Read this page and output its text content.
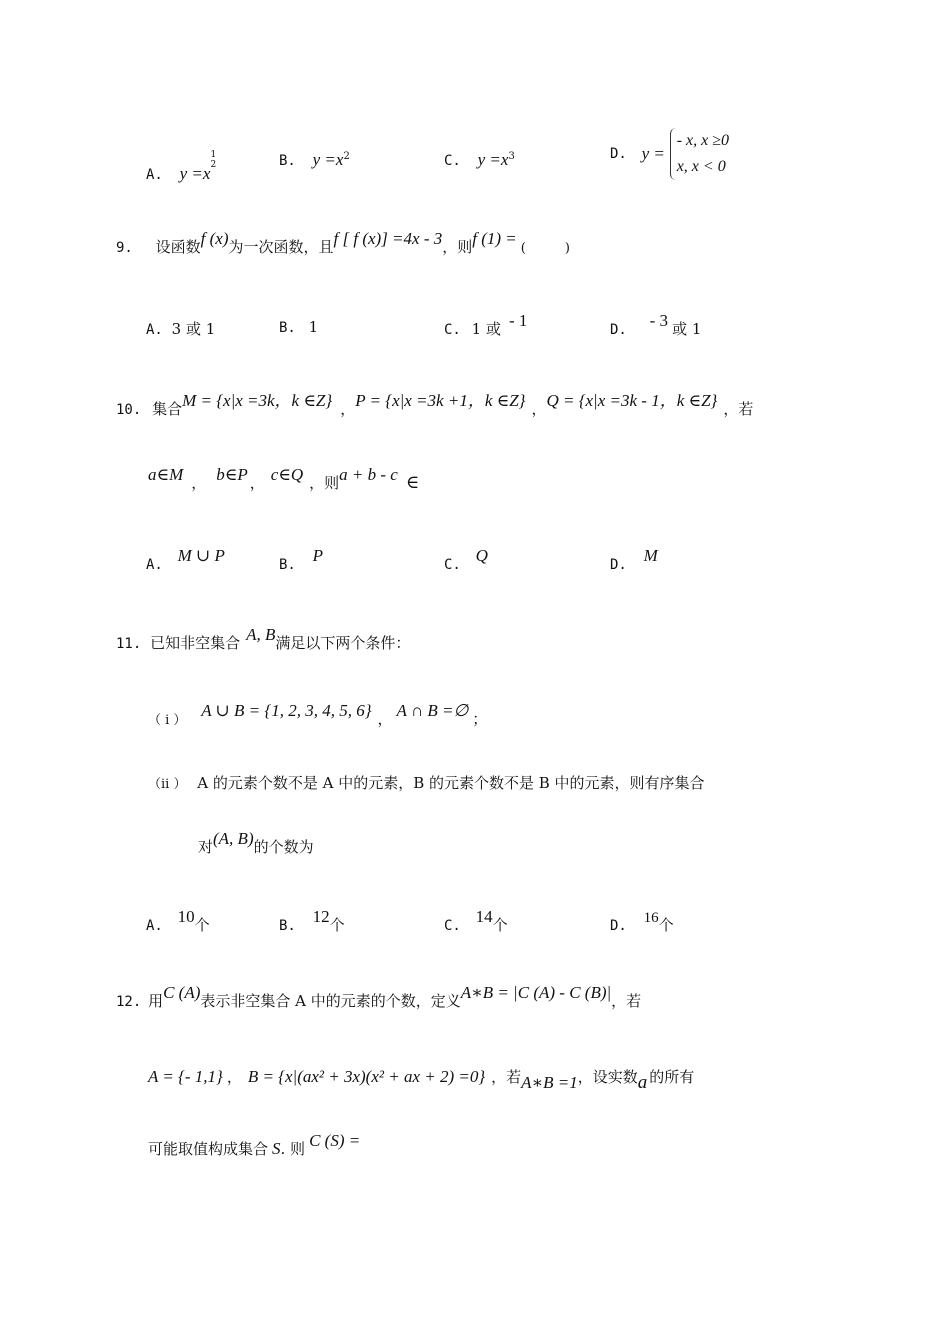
A. y =x1
2	B. $y =x^2$	C. $y =x^3$	D. y = - x, x ≥0
x, x < 0
9. 设函数f (x)为一次函数，且f [ f (x)] =4x - 3，则f (1) =(　　　)
A. 3 或 1	B. 1	C. 1 或 - 1	D. - 3 或 1
10. 集合M = {x|x =3k，k ∈Z} ，P = {x|x =3k +1，k ∈Z} ，Q = {x|x =3k - 1，k ∈Z} ，若
a∈M ， b∈P ， c∈Q ，则a + b - c ∈
A. M ∪ P	B. P	C. Q	D. M
11. 已知非空集合 A, B满足以下两个条件：
（ i ） A ∪ B = {1, 2, 3, 4, 5, 6} ， A ∩ B =∅ ；
（ii ） A 的元素个数不是 A 中的元素，B 的元素个数不是 B 中的元素，则有序集合
对(A, B)的个数为
A. 10个	B. 12个	C. 14个	D. 16个
12. 用C (A)表示非空集合 A 中的元素的个数，定义A∗B = |C (A) - C (B)|，若
A = {- 1,1} ， B = {x|(ax² + 3x)(x² + ax + 2) =0} ，若A∗B =1，设实数a 的所有
可能取值构成集合 S. 则 C (S) =
